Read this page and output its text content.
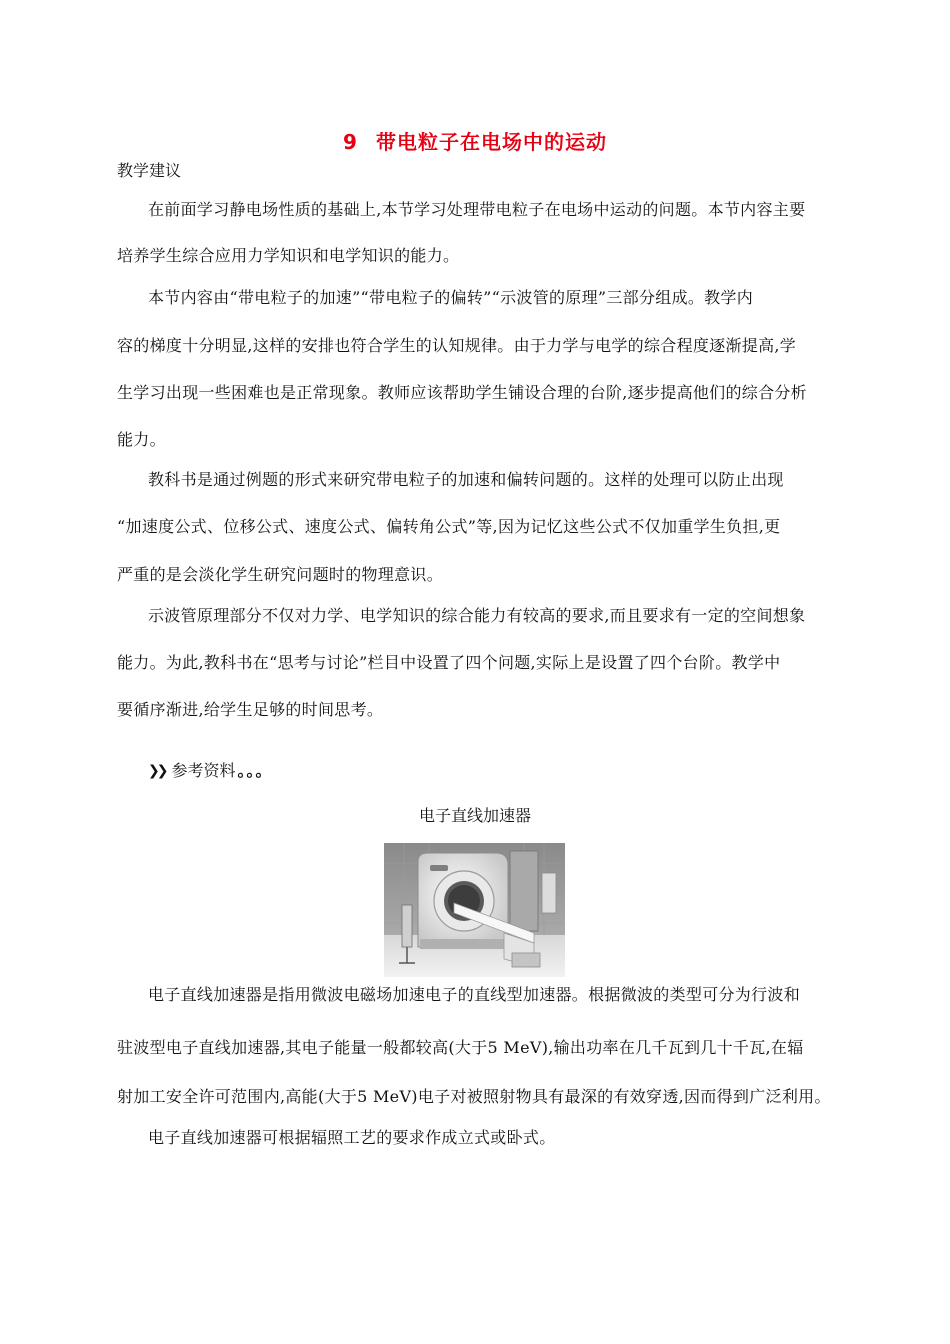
9 带电粒子在电场中的运动
教学建议
在前面学习静电场性质的基础上,本节学习处理带电粒子在电场中运动的问题。本节内容主要
培养学生综合应用力学知识和电学知识的能力。
本节内容由“带电粒子的加速”“带电粒子的偏转”“示波管的原理”三部分组成。教学内
容的梯度十分明显,这样的安排也符合学生的认知规律。由于力学与电学的综合程度逐渐提高,学
生学习出现一些困难也是正常现象。教师应该帮助学生铺设合理的台阶,逐步提高他们的综合分析
能力。
教科书是通过例题的形式来研究带电粒子的加速和偏转问题的。这样的处理可以防止出现
“加速度公式、位移公式、速度公式、偏转角公式”等,因为记忆这些公式不仅加重学生负担,更
严重的是会淡化学生研究问题时的物理意识。
示波管原理部分不仅对力学、电学知识的综合能力有较高的要求,而且要求有一定的空间想象
能力。为此,教科书在“思考与讨论”栏目中设置了四个问题,实际上是设置了四个台阶。教学中
要循序渐进,给学生足够的时间思考。
❯❯ 参考资料 。。。
电子直线加速器
电子直线加速器是指用微波电磁场加速电子的直线型加速器。根据微波的类型可分为行波和
驻波型电子直线加速器,其电子能量一般都较高(大于5 MeV),输出功率在几千瓦到几十千瓦,在辐
射加工安全许可范围内,高能(大于5 MeV)电子对被照射物具有最深的有效穿透,因而得到广泛利用。
电子直线加速器可根据辐照工艺的要求作成立式或卧式。
